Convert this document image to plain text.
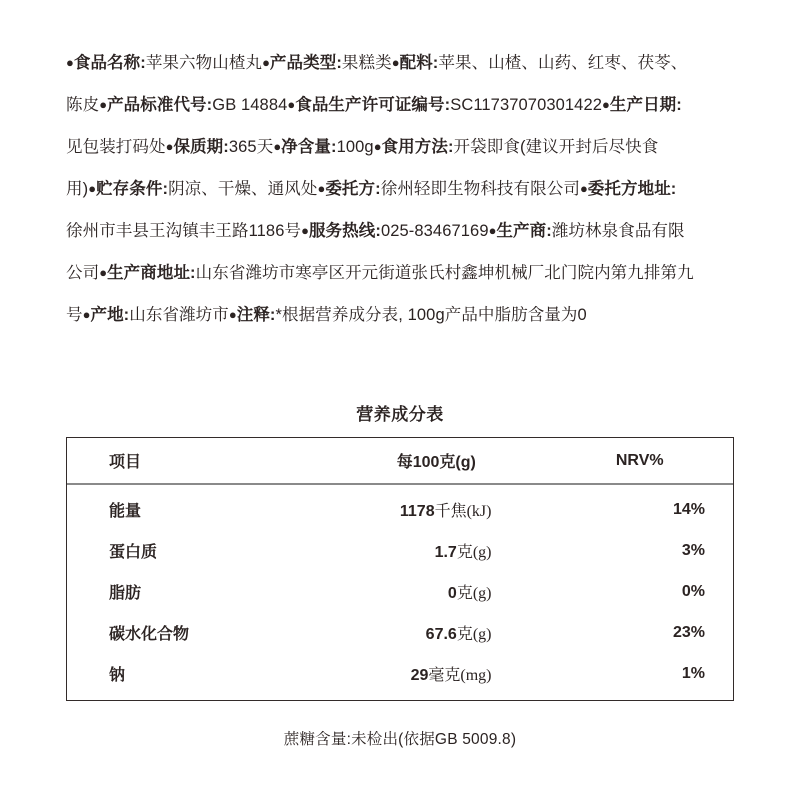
●食品名称:苹果六物山楂丸●产品类型:果糕类●配料:苹果、山楂、山药、红枣、茯苓、
陈皮●产品标准代号:GB 14884●食品生产许可证编号:SC11737070301422●生产日期:
见包装打码处●保质期:365天●净含量:100g●食用方法:开袋即食(建议开封后尽快食
用)●贮存条件:阴凉、干燥、通风处●委托方:徐州轻即生物科技有限公司●委托方地址:
徐州市丰县王沟镇丰王路1186号●服务热线:025-83467169●生产商:潍坊林泉食品有限
公司●生产商地址:山东省潍坊市寒亭区开元街道张氏村鑫坤机械厂北门院内第九排第九
号●产地:山东省潍坊市●注释:*根据营养成分表, 100g产品中脂肪含量为0
营养成分表
项目	每100克(g)	NRV%
能量	1178千焦(kJ)	14%
蛋白质	1.7克(g)	3%
脂肪	0克(g)	0%
碳水化合物	67.6克(g)	23%
钠	29毫克(mg)	1%
蔗糖含量:未检出(依据GB 5009.8)
